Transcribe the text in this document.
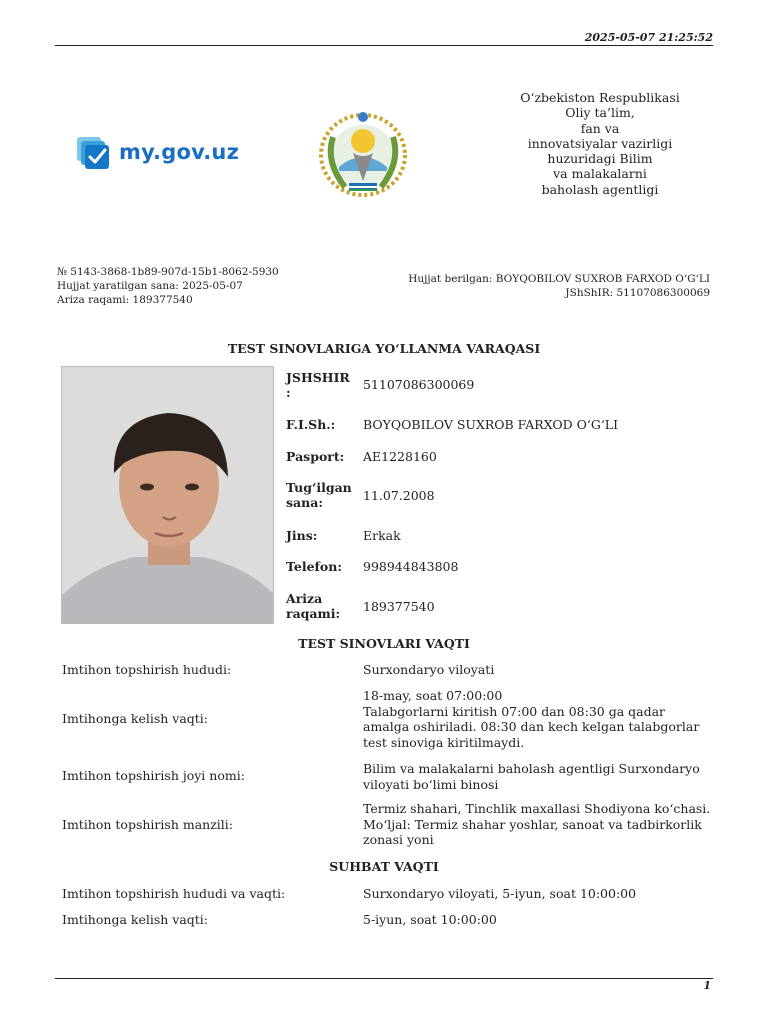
2025-05-07 21:25:52
my.gov.uz
O‘zbekiston Respublikasi
Oliy ta’lim,
fan va
innovatsiyalar vazirligi
huzuridagi Bilim
va malakalarni
baholash agentligi
№ 5143-3868-1b89-907d-15b1-8062-5930
Hujjat yaratilgan sana: 2025-05-07
Ariza raqami: 189377540
Hujjat berilgan: BOYQOBILOV SUXROB FARXOD O‘G‘LI
JShShIR: 51107086300069
TEST SINOVLARIGA YO‘LLANMA VARAQASI
JSHSHIR :
51107086300069
F.I.Sh.:	BOYQOBILOV SUXROB FARXOD O‘G‘LI
Pasport:	AE1228160
Tug‘ilgan sana:	11.07.2008
Jins:	Erkak
Telefon:	998944843808
Ariza raqami:	189377540
TEST SINOVLARI VAQTI
Imtihon topshirish hududi:	Surxondaryo viloyati
Imtihonga kelish vaqti:
18-may, soat 07:00:00
Talabgorlarni kiritish 07:00 dan 08:30 ga qadar amalga oshiriladi. 08:30 dan kech kelgan talabgorlar test sinoviga kiritilmaydi.
Imtihon topshirish joyi nomi:	Bilim va malakalarni baholash agentligi Surxondaryo viloyati bo‘limi binosi
Imtihon topshirish manzili:
Termiz shahari, Tinchlik maxallasi Shodiyona ko‘chasi. Mo‘ljal: Termiz shahar yoshlar, sanoat va tadbirkorlik zonasi yoni
SUHBAT VAQTI
Imtihon topshirish hududi va vaqti:	Surxondaryo viloyati, 5-iyun, soat 10:00:00
Imtihonga kelish vaqti:	5-iyun, soat 10:00:00
1
